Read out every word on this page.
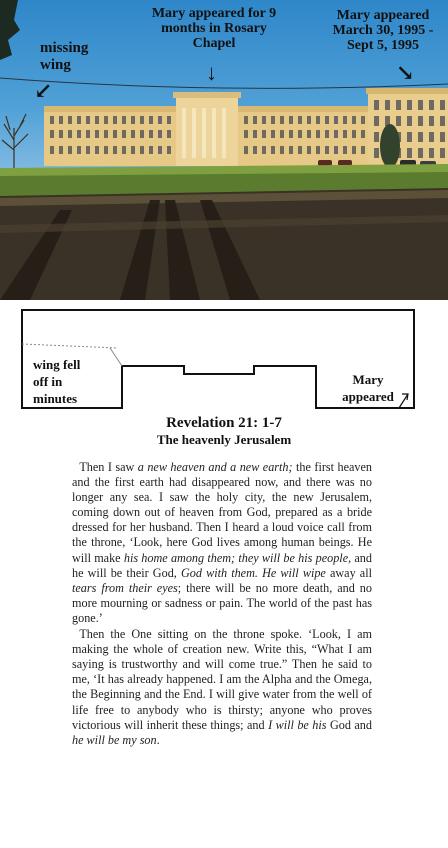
missing wing

↙

Mary appeared for 9 months in Rosary Chapel

↓

Mary appeared March 30, 1995 - Sept 5, 1995

↘

wing fell off in minutes

Mary appeared

Revelation 21: 1-7

The heavenly Jerusalem

Then I saw a new heaven and a new earth; the first heaven and the first earth had disappeared now, and there was no longer any sea. I saw the holy city, the new Jerusalem, coming down out of heaven from God, prepared as a bride dressed for her husband. Then I heard a loud voice call from the throne, ‘Look, here God lives among human beings. He will make his home among them; they will be his people, and he will be their God, God with them. He will wipe away all tears from their eyes; there will be no more death, and no more mourning or sadness or pain. The world of the past has gone.’

Then the One sitting on the throne spoke. ‘Look, I am making the whole of creation new. Write this, “What I am saying is trustworthy and will come true.” Then he said to me, ‘It has already happened. I am the Alpha and the Omega, the Beginning and the End. I will give water from the well of life free to anybody who is thirsty; anyone who proves victorious will inherit these things; and I will be his God and he will be my son.
